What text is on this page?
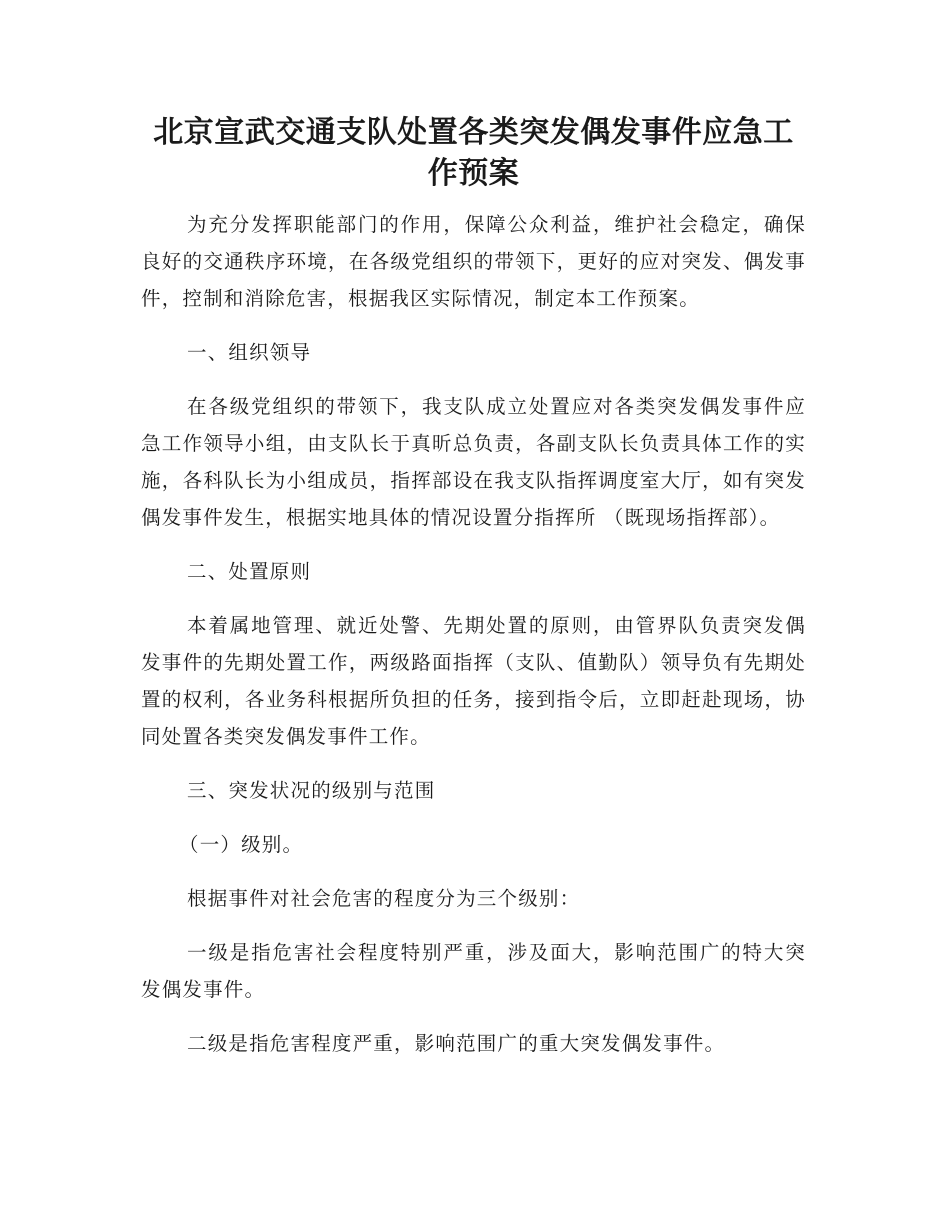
北京宣武交通支队处置各类突发偶发事件应急工作预案

为充分发挥职能部门的作用，保障公众利益，维护社会稳定，确保良好的交通秩序环境，在各级党组织的带领下，更好的应对突发、偶发事件，控制和消除危害，根据我区实际情况，制定本工作预案。

一、组织领导

在各级党组织的带领下，我支队成立处置应对各类突发偶发事件应急工作领导小组，由支队长于真昕总负责，各副支队长负责具体工作的实施，各科队长为小组成员，指挥部设在我支队指挥调度室大厅，如有突发偶发事件发生，根据实地具体的情况设置分指挥所 （既现场指挥部）。

二、处置原则

本着属地管理、就近处警、先期处置的原则，由管界队负责突发偶发事件的先期处置工作，两级路面指挥（支队、值勤队）领导负有先期处置的权利，各业务科根据所负担的任务，接到指令后，立即赶赴现场，协同处置各类突发偶发事件工作。

三、突发状况的级别与范围

（一）级别。

根据事件对社会危害的程度分为三个级别：

一级是指危害社会程度特别严重，涉及面大，影响范围广的特大突发偶发事件。

二级是指危害程度严重，影响范围广的重大突发偶发事件。
